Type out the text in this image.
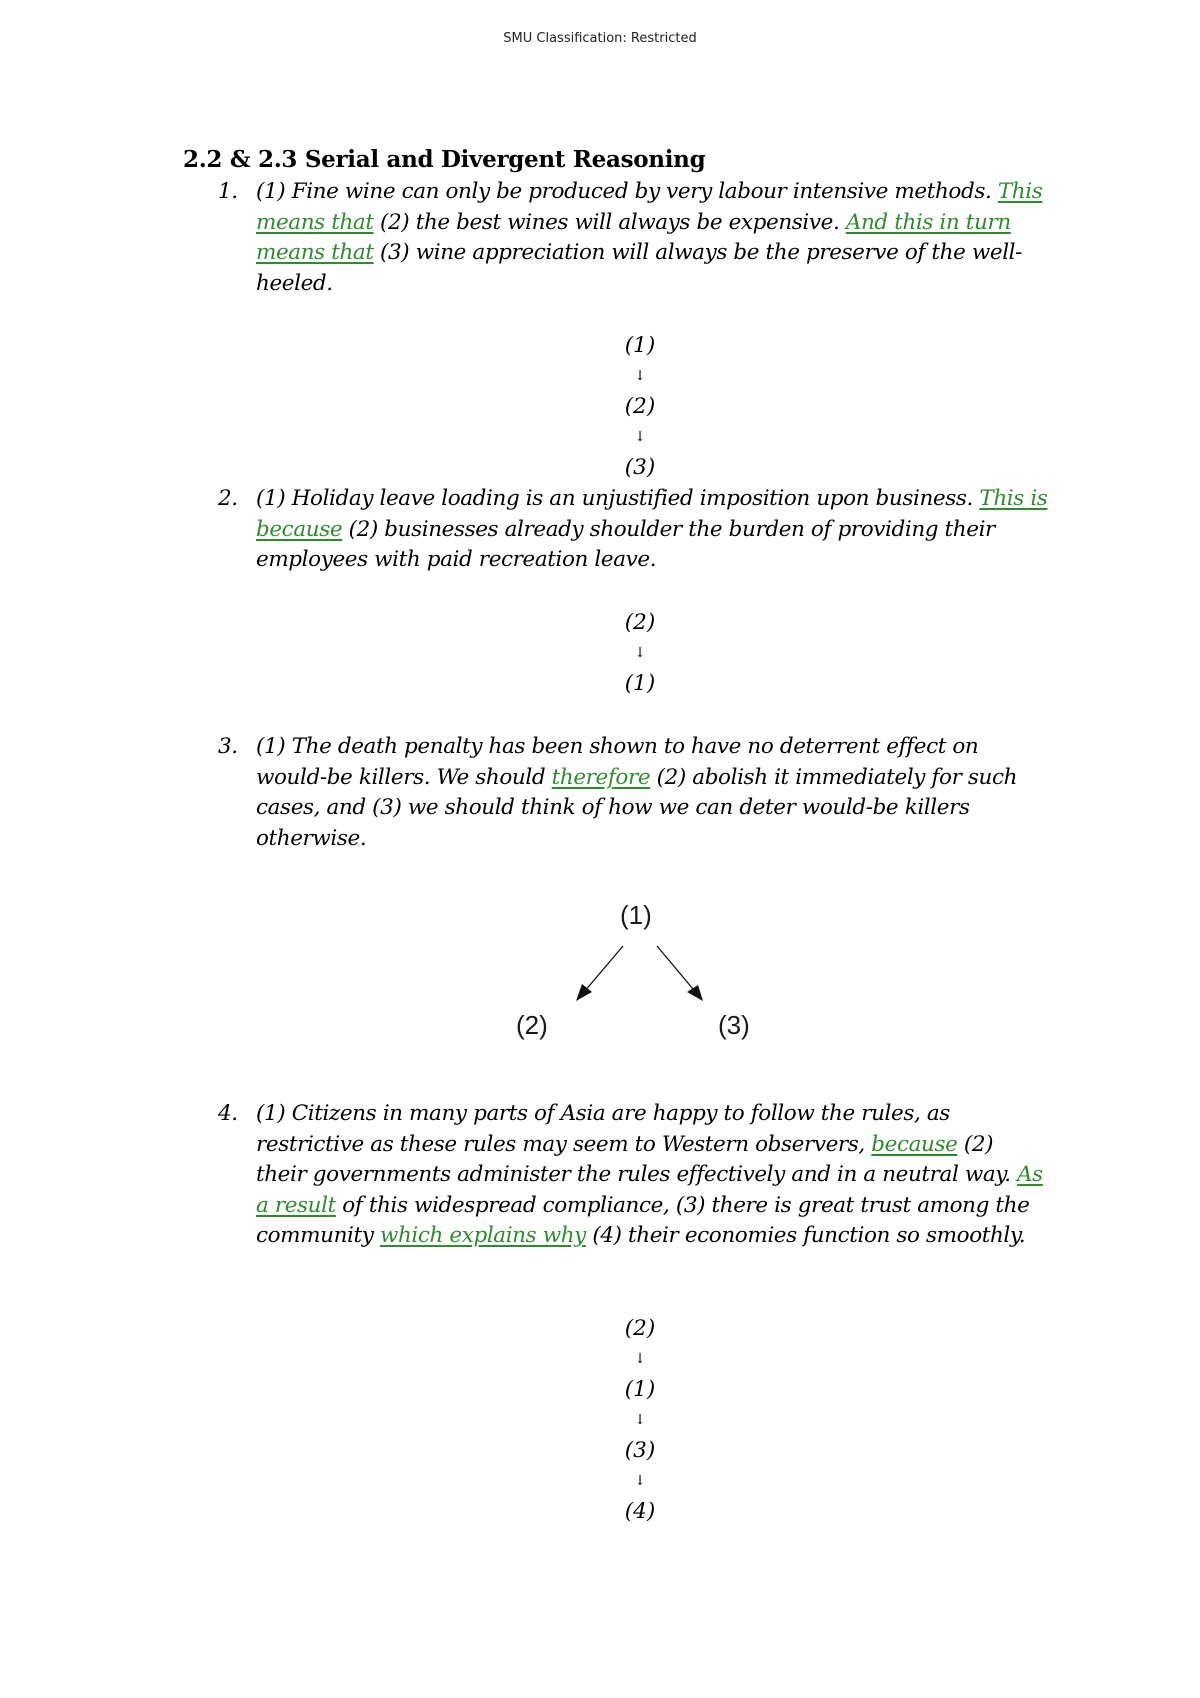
SMU Classification: Restricted
2.2 & 2.3 Serial and Divergent Reasoning
1. (1) Fine wine can only be produced by very labour intensive methods. This means that (2) the best wines will always be expensive. And this in turn means that (3) wine appreciation will always be the preserve of the well-heeled.
(1)
↓
(2)
↓
(3)
2. (1) Holiday leave loading is an unjustified imposition upon business. This is because (2) businesses already shoulder the burden of providing their employees with paid recreation leave.
(2)
↓
(1)
3. (1) The death penalty has been shown to have no deterrent effect on would-be killers. We should therefore (2) abolish it immediately for such cases, and (3) we should think of how we can deter would-be killers otherwise.
(1)
(2)	(3)
4. (1) Citizens in many parts of Asia are happy to follow the rules, as restrictive as these rules may seem to Western observers, because (2) their governments administer the rules effectively and in a neutral way. As a result of this widespread compliance, (3) there is great trust among the community which explains why (4) their economies function so smoothly.
(2)
↓
(1)
↓
(3)
↓
(4)
